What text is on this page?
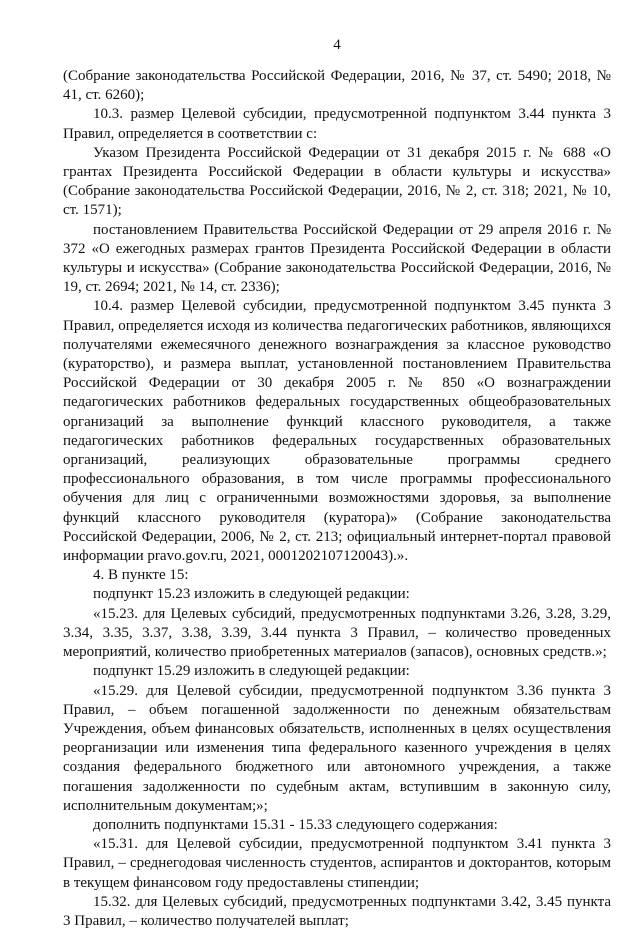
4

(Собрание законодательства Российской Федерации, 2016, № 37, ст. 5490; 2018, № 41, ст. 6260);

10.3. размер Целевой субсидии, предусмотренной подпунктом 3.44 пункта 3 Правил, определяется в соответствии с:

Указом Президента Российской Федерации от 31 декабря 2015 г. № 688 «О грантах Президента Российской Федерации в области культуры и искусства» (Собрание законодательства Российской Федерации, 2016, № 2, ст. 318; 2021, № 10, ст. 1571);

постановлением Правительства Российской Федерации от 29 апреля 2016 г. № 372 «О ежегодных размерах грантов Президента Российской Федерации в области культуры и искусства» (Собрание законодательства Российской Федерации, 2016, № 19, ст. 2694; 2021, № 14, ст. 2336);

10.4. размер Целевой субсидии, предусмотренной подпунктом 3.45 пункта 3 Правил, определяется исходя из количества педагогических работников, являющихся получателями ежемесячного денежного вознаграждения за классное руководство (кураторство), и размера выплат, установленной постановлением Правительства Российской Федерации от 30 декабря 2005 г. № 850 «О вознаграждении педагогических работников федеральных государственных общеобразовательных организаций за выполнение функций классного руководителя, а также педагогических работников федеральных государственных образовательных организаций, реализующих образовательные программы среднего профессионального образования, в том числе программы профессионального обучения для лиц с ограниченными возможностями здоровья, за выполнение функций классного руководителя (куратора)» (Собрание законодательства Российской Федерации, 2006, № 2, ст. 213; официальный интернет-портал правовой информации pravo.gov.ru, 2021, 0001202107120043).».

4. В пункте 15:

подпункт 15.23 изложить в следующей редакции:

«15.23. для Целевых субсидий, предусмотренных подпунктами 3.26, 3.28, 3.29, 3.34, 3.35, 3.37, 3.38, 3.39, 3.44 пункта 3 Правил, – количество проведенных мероприятий, количество приобретенных материалов (запасов), основных средств.»;

подпункт 15.29 изложить в следующей редакции:

«15.29. для Целевой субсидии, предусмотренной подпунктом 3.36 пункта 3 Правил, – объем погашенной задолженности по денежным обязательствам Учреждения, объем финансовых обязательств, исполненных в целях осуществления реорганизации или изменения типа федерального казенного учреждения в целях создания федерального бюджетного или автономного учреждения, а также погашения задолженности по судебным актам, вступившим в законную силу, исполнительным документам;»;

дополнить подпунктами 15.31 - 15.33 следующего содержания:

«15.31. для Целевой субсидии, предусмотренной подпунктом 3.41 пункта 3 Правил, – среднегодовая численность студентов, аспирантов и докторантов, которым в текущем финансовом году предоставлены стипендии;

15.32. для Целевых субсидий, предусмотренных подпунктами 3.42, 3.45 пункта 3 Правил, – количество получателей выплат;
